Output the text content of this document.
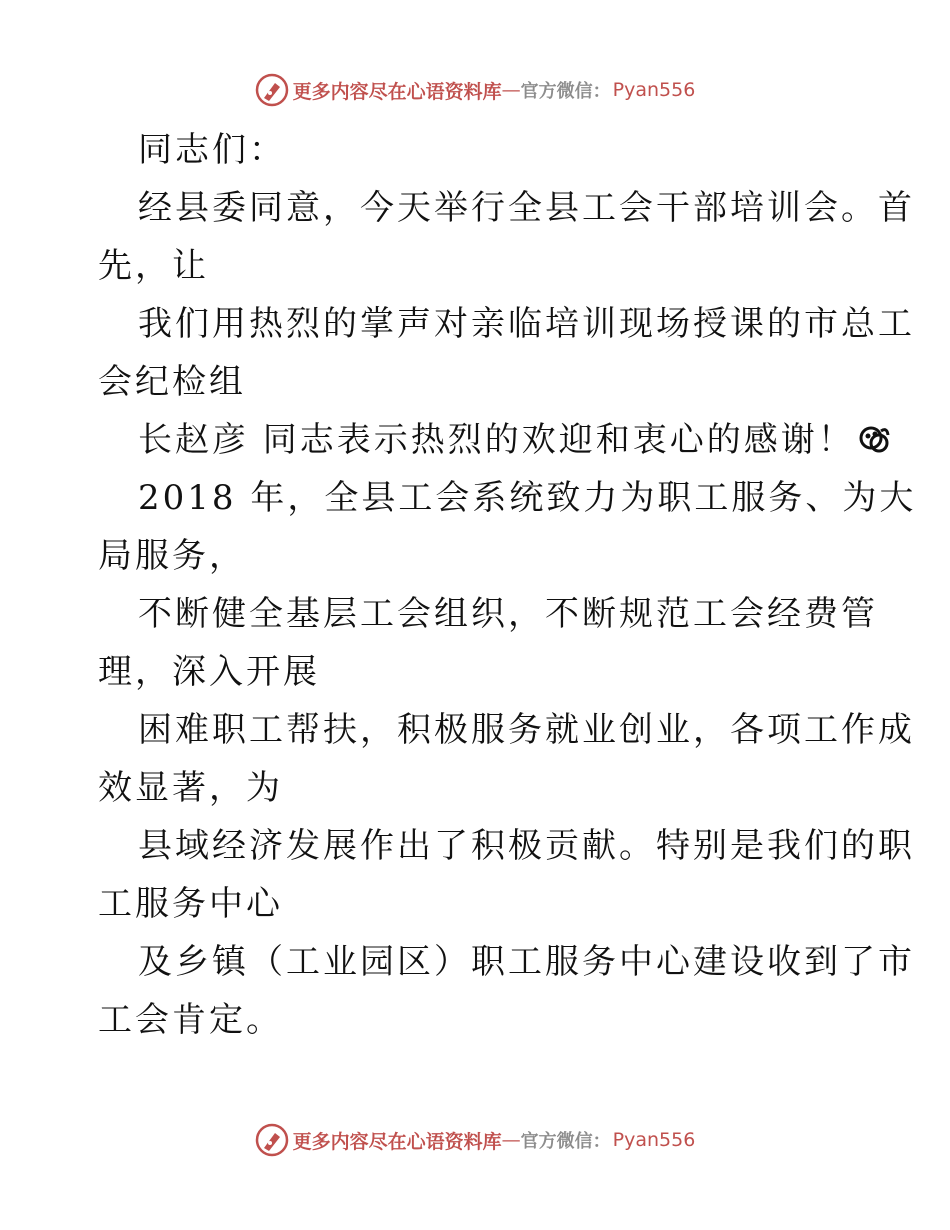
更多内容尽在心语资料库 — 官方微信： Pyan556
同志们：
经县委同意，今天举行全县工会干部培训会。首
先，让
我们用热烈的掌声对亲临培训现场授课的市总工
会纪检组
长赵彦 同志表示热烈的欢迎和衷心的感谢！
2018 年，全县工会系统致力为职工服务、为大
局服务，
不断健全基层工会组织，不断规范工会经费管
理，深入开展
困难职工帮扶，积极服务就业创业，各项工作成
效显著，为
县域经济发展作出了积极贡献。特别是我们的职
工服务中心
及乡镇（工业园区）职工服务中心建设收到了市
工会肯定。
更多内容尽在心语资料库 — 官方微信： Pyan556
